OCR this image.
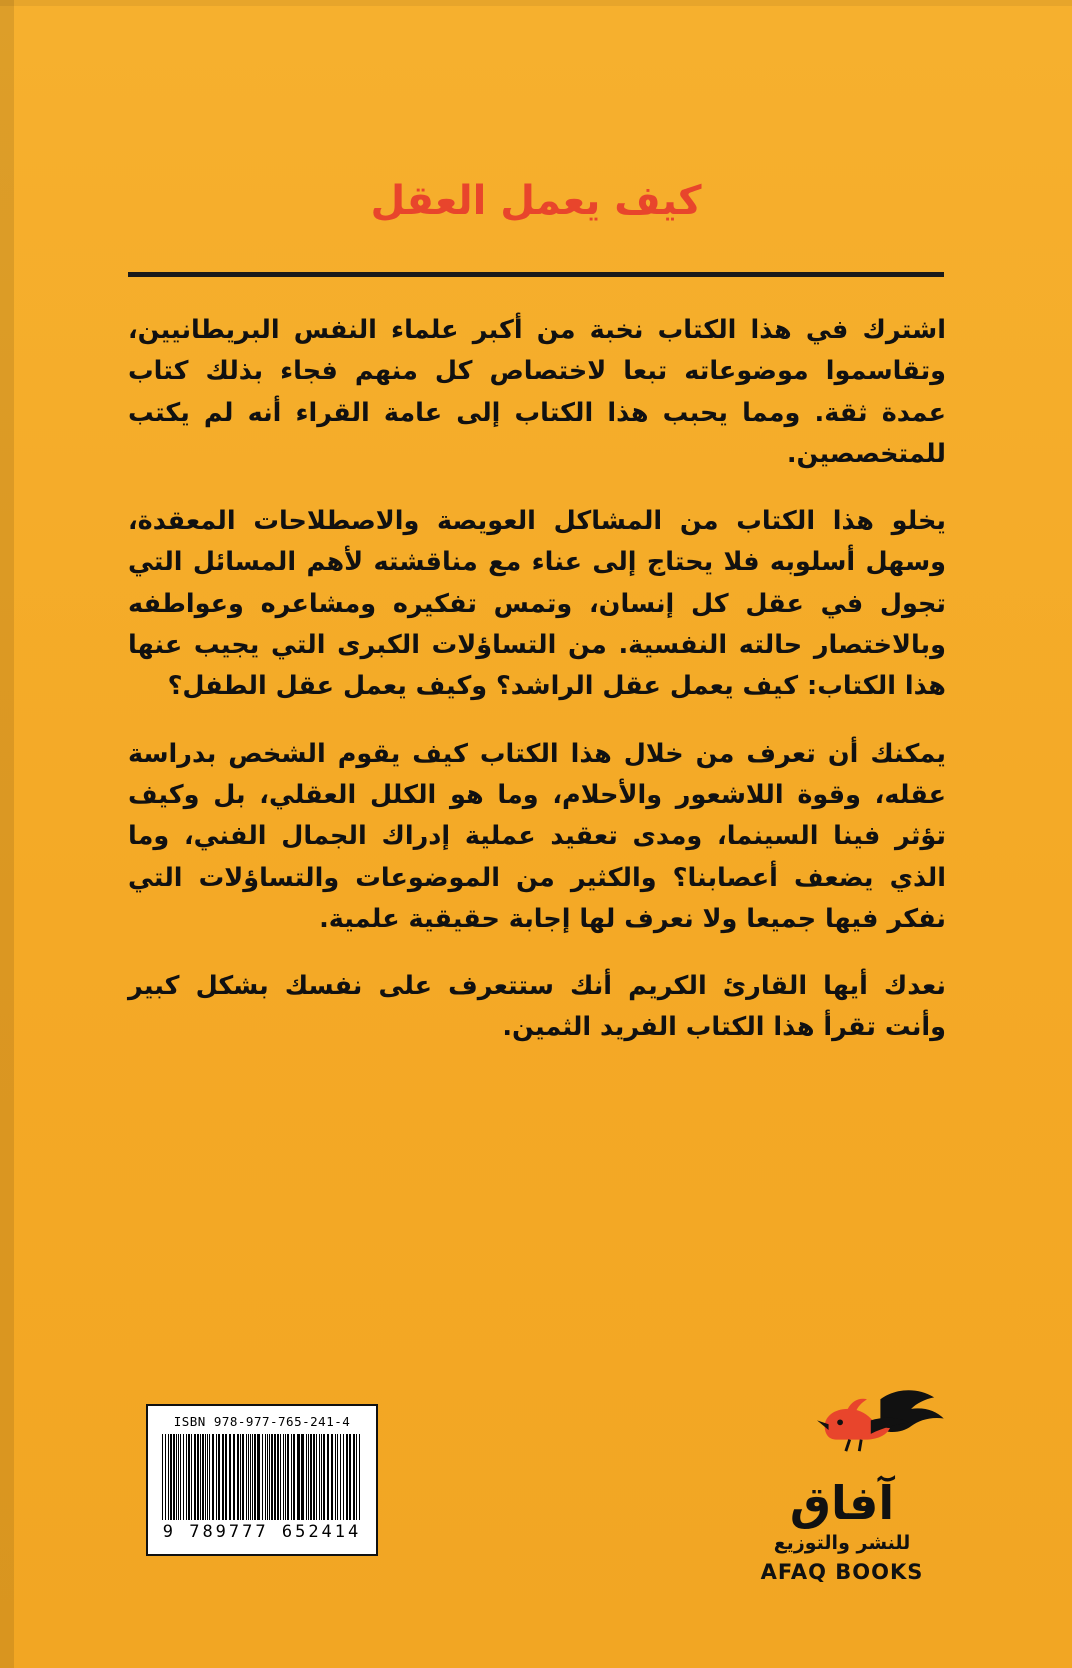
كيف يعمل العقل

اشترك في هذا الكتاب نخبة من أكبر علماء النفس البريطانيين، وتقاسموا موضوعاته تبعا لاختصاص كل منهم فجاء بذلك كتاب عمدة ثقة. ومما يحبب هذا الكتاب إلى عامة القراء أنه لم يكتب للمتخصصين.

يخلو هذا الكتاب من المشاكل العويصة والاصطلاحات المعقدة، وسهل أسلوبه فلا يحتاج إلى عناء مع مناقشته لأهم المسائل التي تجول في عقل كل إنسان، وتمس تفكيره ومشاعره وعواطفه وبالاختصار حالته النفسية. من التساؤلات الكبرى التي يجيب عنها هذا الكتاب: كيف يعمل عقل الراشد؟ وكيف يعمل عقل الطفل؟

يمكنك أن تعرف من خلال هذا الكتاب كيف يقوم الشخص بدراسة عقله، وقوة اللاشعور والأحلام، وما هو الكلل العقلي، بل وكيف تؤثر فينا السينما، ومدى تعقيد عملية إدراك الجمال الفني، وما الذي يضعف أعصابنا؟ والكثير من الموضوعات والتساؤلات التي نفكر فيها جميعا ولا نعرف لها إجابة حقيقية علمية.

نعدك أيها القارئ الكريم أنك ستتعرف على نفسك بشكل كبير وأنت تقرأ هذا الكتاب الفريد الثمين.

ISBN 978-977-765-241-4
9 789777 652414
آفاق
للنشر والتوزيع
AFAQ BOOKS
